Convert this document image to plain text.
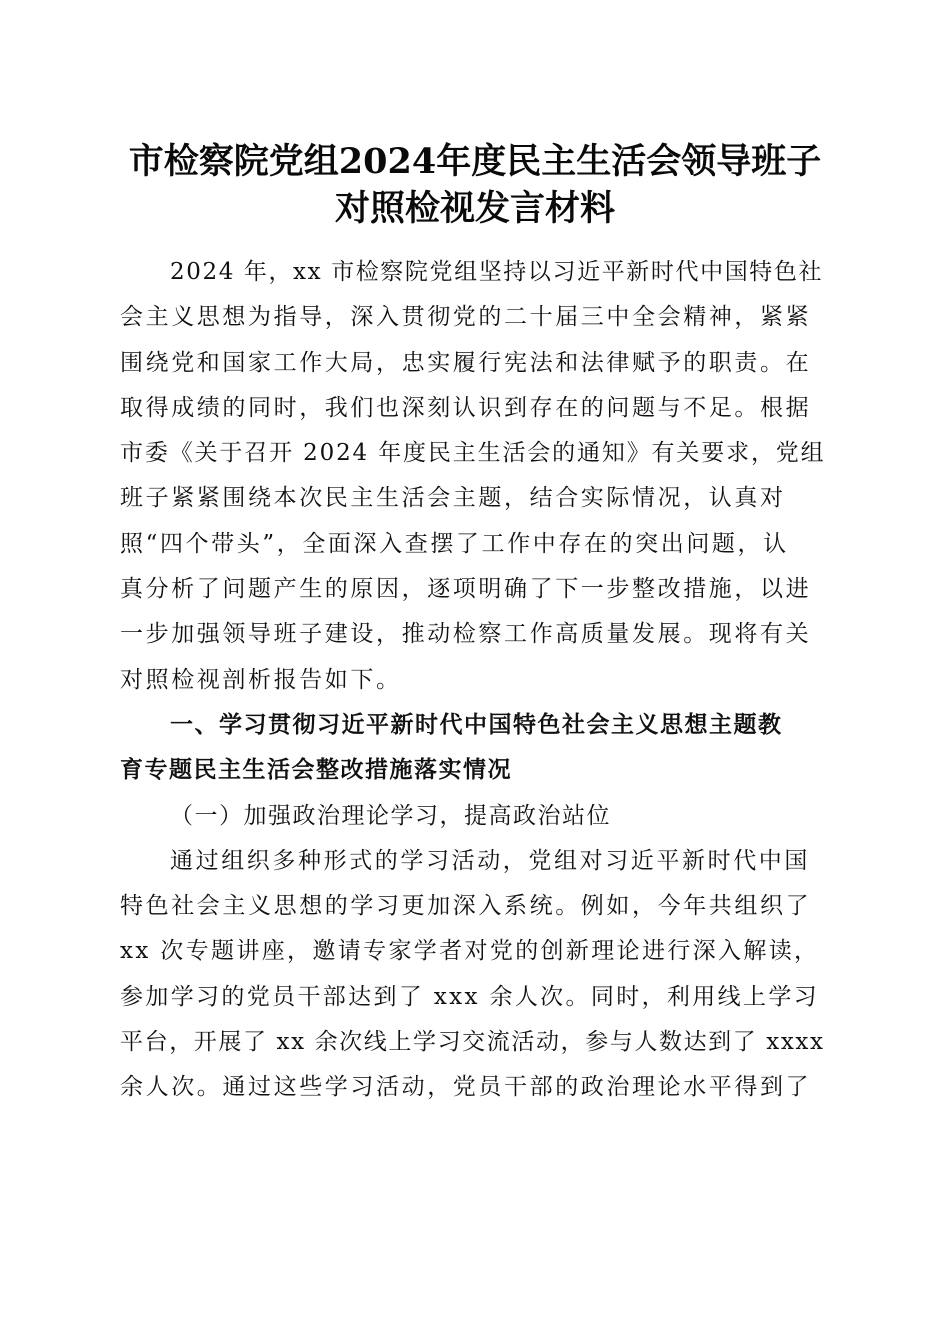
市检察院党组2024年度民主生活会领导班子
对照检视发言材料
2024 年，xx 市检察院党组坚持以习近平新时代中国特色社
会主义思想为指导，深入贯彻党的二十届三中全会精神，紧紧
围绕党和国家工作大局，忠实履行宪法和法律赋予的职责。在
取得成绩的同时，我们也深刻认识到存在的问题与不足。根据
市委《关于召开 2024 年度民主生活会的通知》有关要求，党组
班子紧紧围绕本次民主生活会主题，结合实际情况，认真对
照“四个带头”，全面深入查摆了工作中存在的突出问题，认
真分析了问题产生的原因，逐项明确了下一步整改措施，以进
一步加强领导班子建设，推动检察工作高质量发展。现将有关
对照检视剖析报告如下。
一、学习贯彻习近平新时代中国特色社会主义思想主题教
育专题民主生活会整改措施落实情况
（一）加强政治理论学习，提高政治站位
通过组织多种形式的学习活动，党组对习近平新时代中国
特色社会主义思想的学习更加深入系统。例如，今年共组织了
xx 次专题讲座，邀请专家学者对党的创新理论进行深入解读，
参加学习的党员干部达到了 xxx 余人次。同时，利用线上学习
平台，开展了 xx 余次线上学习交流活动，参与人数达到了 xxxx
余人次。通过这些学习活动，党员干部的政治理论水平得到了
